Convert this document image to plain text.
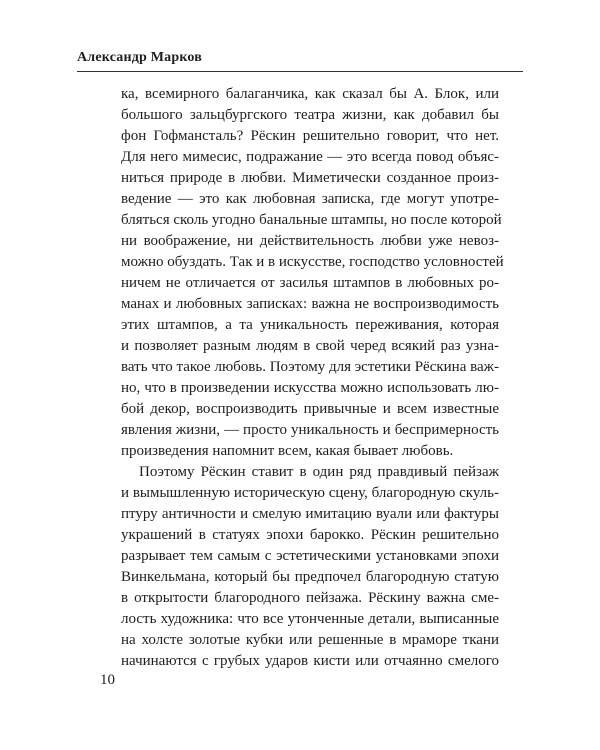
Александр Марков
ка, всемирного балаганчика, как сказал бы А. Блок, или
большого зальцбургского театра жизни, как добавил бы
фон Гофмансталь? Рёскин решительно говорит, что нет.
Для него мимесис, подражание — это всегда повод объяс-
ниться природе в любви. Миметически созданное произ-
ведение — это как любовная записка, где могут употре-
бляться сколь угодно банальные штампы, но после которой
ни воображение, ни действительность любви уже невоз-
можно обуздать. Так и в искусстве, господство условностей
ничем не отличается от засилья штампов в любовных ро-
манах и любовных записках: важна не воспроизводимость
этих штампов, а та уникальность переживания, которая
и позволяет разным людям в свой черед всякий раз узна-
вать что такое любовь. Поэтому для эстетики Рёскина важ-
но, что в произведении искусства можно использовать лю-
бой декор, воспроизводить привычные и всем известные
явления жизни, — просто уникальность и беспримерность
произведения напомнит всем, какая бывает любовь.
Поэтому Рёскин ставит в один ряд правдивый пейзаж
и вымышленную историческую сцену, благородную скуль-
птуру античности и смелую имитацию вуали или фактуры
украшений в статуях эпохи барокко. Рёскин решительно
разрывает тем самым с эстетическими установками эпохи
Винкельмана, который бы предпочел благородную статую
в открытости благородного пейзажа. Рёскину важна сме-
лость художника: что все утонченные детали, выписанные
на холсте золотые кубки или решенные в мраморе ткани
начинаются с грубых ударов кисти или отчаянно смелого
10
